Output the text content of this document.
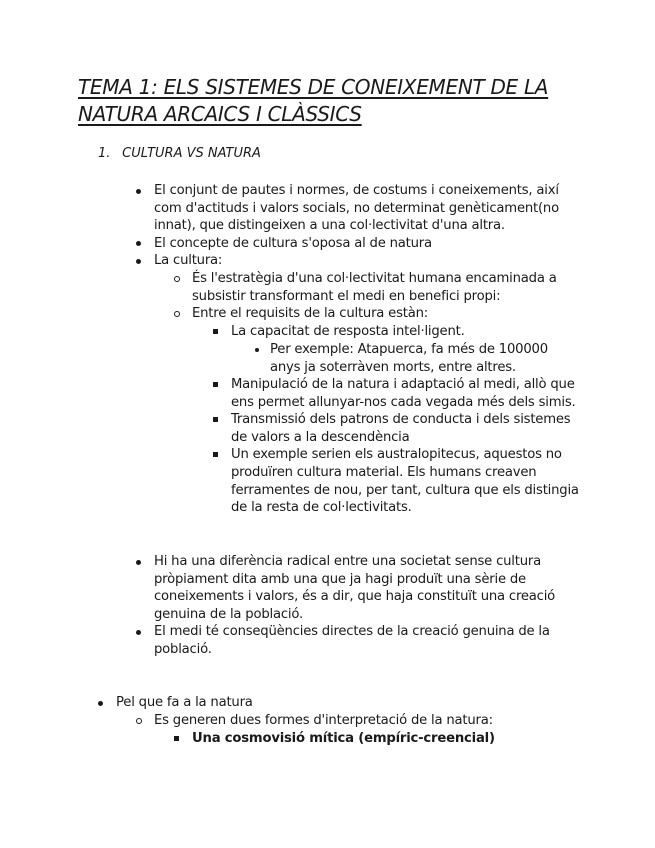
TEMA 1: ELS SISTEMES DE CONEIXEMENT DE LA NATURA ARCAICS I CLÀSSICS
1. CULTURA VS NATURA
El conjunt de pautes i normes, de costums i coneixements, així com d'actituds i valors socials, no determinat genèticament(no innat), que distingeixen a una col·lectivitat d'una altra.
El concepte de cultura s'oposa al de natura
La cultura:
És l'estratègia d'una col·lectivitat humana encaminada a subsistir transformant el medi en benefici propi:
Entre el requisits de la cultura estàn:
La capacitat de resposta intel·ligent.
Per exemple: Atapuerca, fa més de 100000 anys ja soterràven morts, entre altres.
Manipulació de la natura i adaptació al medi, allò que ens permet allunyar-nos cada vegada més dels simis.
Transmissió dels patrons de conducta i dels sistemes de valors a la descendència
Un exemple serien els australopitecus, aquestos no produïren cultura material. Els humans creaven ferramentes de nou, per tant, cultura que els distingia de la resta de col·lectivitats.
Hi ha una diferència radical entre una societat sense cultura pròpiament dita amb una que ja hagi produït una sèrie de coneixements i valors, és a dir, que haja constituït una creació genuina de la població.
El medi té conseqüències directes de la creació genuina de la població.
Pel que fa a la natura
Es generen dues formes d'interpretació de la natura:
Una cosmovisió mítica (empíric-creencial)
